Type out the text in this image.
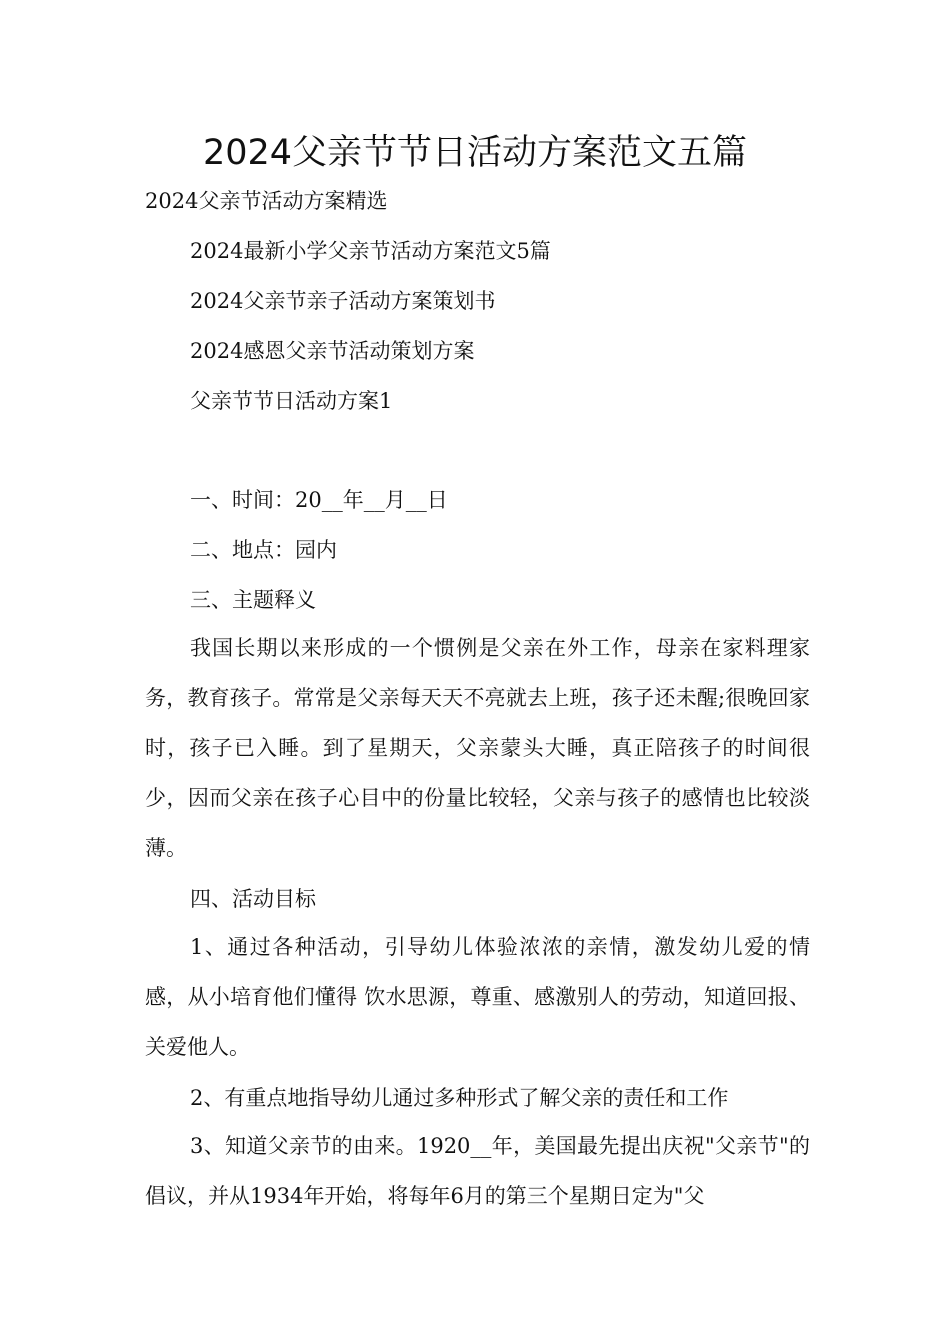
2024父亲节节日活动方案范文五篇

2024父亲节活动方案精选

2024最新小学父亲节活动方案范文5篇

2024父亲节亲子活动方案策划书

2024感恩父亲节活动策划方案

父亲节节日活动方案1

一、时间：20__年__月__日

二、地点：园内

三、主题释义

我国长期以来形成的一个惯例是父亲在外工作，母亲在家料理家务，教育孩子。常常是父亲每天天不亮就去上班，孩子还未醒;很晚回家时，孩子已入睡。到了星期天，父亲蒙头大睡，真正陪孩子的时间很少，因而父亲在孩子心目中的份量比较轻，父亲与孩子的感情也比较淡薄。

四、活动目标

1、通过各种活动，引导幼儿体验浓浓的亲情，激发幼儿爱的情感，从小培育他们懂得 饮水思源，尊重、感激别人的劳动，知道回报、关爱他人。

2、有重点地指导幼儿通过多种形式了解父亲的责任和工作

3、知道父亲节的由来。1920__年，美国最先提出庆祝"父亲节"的倡议，并从1934年开始，将每年6月的第三个星期日定为"父
